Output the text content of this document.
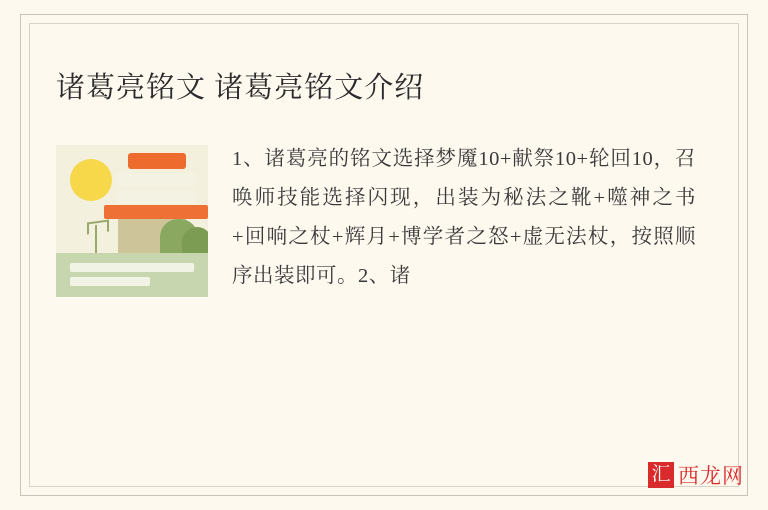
诸葛亮铭文 诸葛亮铭文介绍
1、诸葛亮的铭文选择梦魇10+献祭10+轮回10，召唤师技能选择闪现，出装为秘法之靴+噬神之书+回响之杖+辉月+博学者之怒+虚无法杖，按照顺序出装即可。2、诸
汇 西龙网
